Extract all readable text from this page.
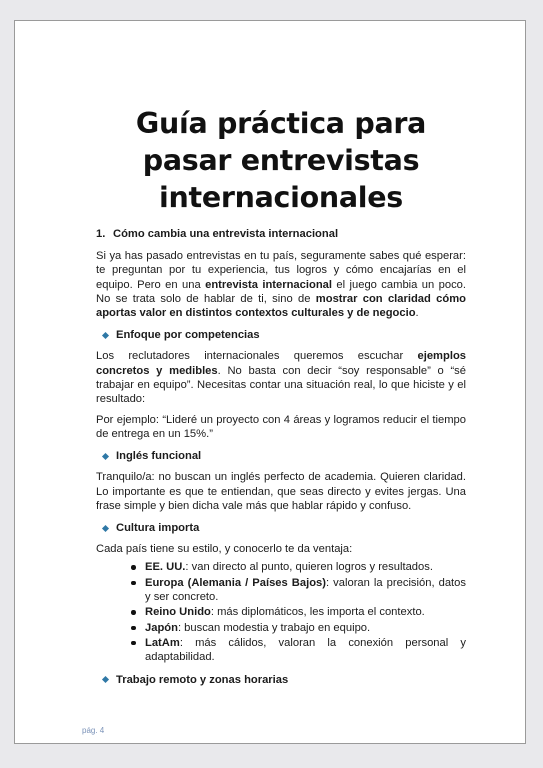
Guía práctica para pasar entrevistas internacionales
1. Cómo cambia una entrevista internacional

Si ya has pasado entrevistas en tu país, seguramente sabes qué esperar: te preguntan por tu experiencia, tus logros y cómo encajarías en el equipo. Pero en una entrevista internacional el juego cambia un poco. No se trata solo de hablar de ti, sino de mostrar con claridad cómo aportas valor en distintos contextos culturales y de negocio.

Enfoque por competencias

Los reclutadores internacionales queremos escuchar ejemplos concretos y medibles. No basta con decir “soy responsable” o “sé trabajar en equipo”. Necesitas contar una situación real, lo que hiciste y el resultado:

Por ejemplo: “Lideré un proyecto con 4 áreas y logramos reducir el tiempo de entrega en un 15%.”

Inglés funcional

Tranquilo/a: no buscan un inglés perfecto de academia. Quieren claridad. Lo importante es que te entiendan, que seas directo y evites jergas. Una frase simple y bien dicha vale más que hablar rápido y confuso.

Cultura importa

Cada país tiene su estilo, y conocerlo te da ventaja:

EE. UU.: van directo al punto, quieren logros y resultados.
Europa (Alemania / Países Bajos): valoran la precisión, datos y ser concreto.
Reino Unido: más diplomáticos, les importa el contexto.
Japón: buscan modestia y trabajo en equipo.
LatAm: más cálidos, valoran la conexión personal y adaptabilidad.
Trabajo remoto y zonas horarias
pág. 4
